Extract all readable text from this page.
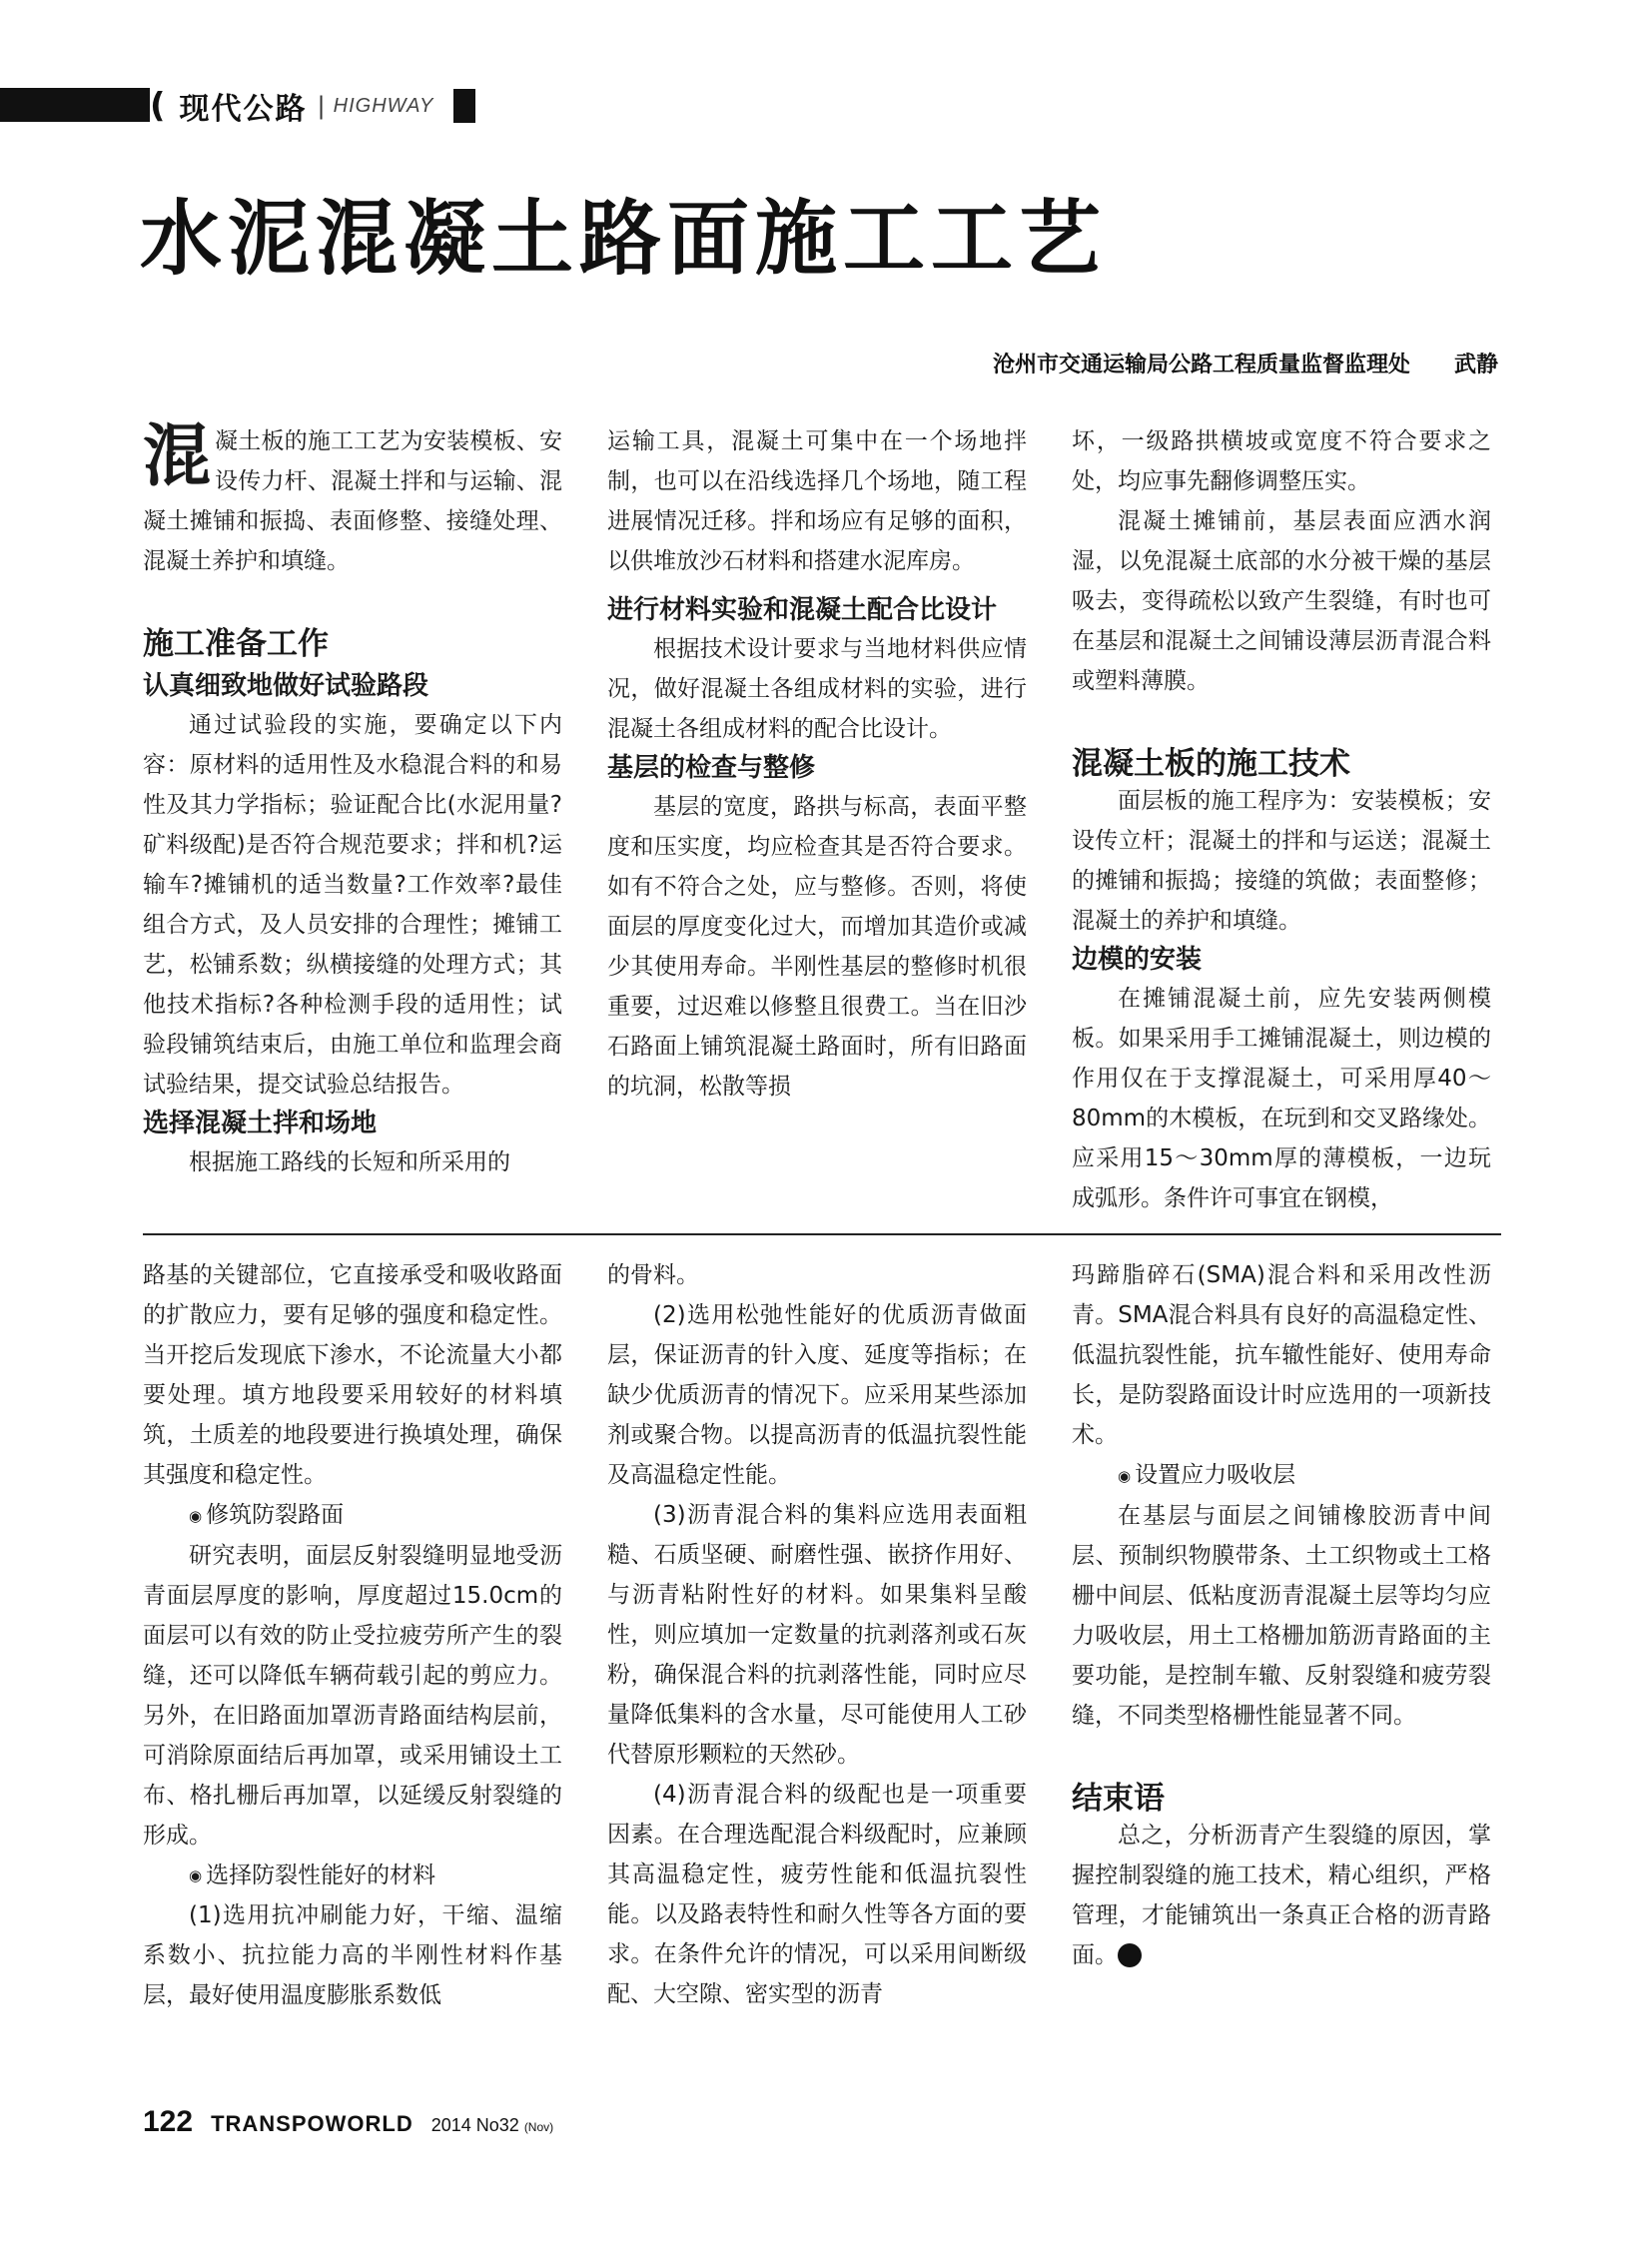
( 现代公路 | HIGHWAY
水泥混凝土路面施工工艺
沧州市交通运输局公路工程质量监督监理处 武静

混凝土板的施工工艺为安装模板、安设传力杆、混凝土拌和与运输、混凝土摊铺和振捣、表面修整、接缝处理、混凝土养护和填缝。

施工准备工作
认真细致地做好试验路段

通过试验段的实施，要确定以下内容：原材料的适用性及水稳混合料的和易性及其力学指标；验证配合比(水泥用量?矿料级配)是否符合规范要求；拌和机?运输车?摊铺机的适当数量?工作效率?最佳组合方式，及人员安排的合理性；摊铺工艺，松铺系数；纵横接缝的处理方式；其他技术指标?各种检测手段的适用性；试验段铺筑结束后，由施工单位和监理会商试验结果，提交试验总结报告。

选择混凝土拌和场地

根据施工路线的长短和所采用的

运输工具，混凝土可集中在一个场地拌制，也可以在沿线选择几个场地，随工程进展情况迁移。拌和场应有足够的面积，以供堆放沙石材料和搭建水泥库房。

进行材料实验和混凝土配合比设计

根据技术设计要求与当地材料供应情况，做好混凝土各组成材料的实验，进行混凝土各组成材料的配合比设计。

基层的检查与整修

基层的宽度，路拱与标高，表面平整度和压实度，均应检查其是否符合要求。如有不符合之处，应与整修。否则，将使面层的厚度变化过大，而增加其造价或减少其使用寿命。半刚性基层的整修时机很重要，过迟难以修整且很费工。当在旧沙石路面上铺筑混凝土路面时，所有旧路面的坑洞，松散等损

坏，一级路拱横坡或宽度不符合要求之处，均应事先翻修调整压实。

混凝土摊铺前，基层表面应洒水润湿，以免混凝土底部的水分被干燥的基层吸去，变得疏松以致产生裂缝，有时也可在基层和混凝土之间铺设薄层沥青混合料或塑料薄膜。

混凝土板的施工技术

面层板的施工程序为：安装模板；安设传立杆；混凝土的拌和与运送；混凝土的摊铺和振捣；接缝的筑做；表面整修；混凝土的养护和填缝。

边模的安装

在摊铺混凝土前，应先安装两侧模板。如果采用手工摊铺混凝土，则边模的作用仅在于支撑混凝土，可采用厚40～80mm的木模板，在玩到和交叉路缘处。应采用15～30mm厚的薄模板，一边玩成弧形。条件许可事宜在钢模，

路基的关键部位，它直接承受和吸收路面的扩散应力，要有足够的强度和稳定性。当开挖后发现底下渗水，不论流量大小都要处理。填方地段要采用较好的材料填筑，土质差的地段要进行换填处理，确保其强度和稳定性。

◉ 修筑防裂路面

研究表明，面层反射裂缝明显地受沥青面层厚度的影响，厚度超过15.0cm的面层可以有效的防止受拉疲劳所产生的裂缝，还可以降低车辆荷载引起的剪应力。另外，在旧路面加罩沥青路面结构层前，可消除原面结后再加罩，或采用铺设土工布、格扎栅后再加罩，以延缓反射裂缝的形成。

◉ 选择防裂性能好的材料

(1)选用抗冲刷能力好，干缩、温缩系数小、抗拉能力高的半刚性材料作基层，最好使用温度膨胀系数低

的骨料。

(2)选用松弛性能好的优质沥青做面层，保证沥青的针入度、延度等指标；在缺少优质沥青的情况下。应采用某些添加剂或聚合物。以提高沥青的低温抗裂性能及高温稳定性能。

(3)沥青混合料的集料应选用表面粗糙、石质坚硬、耐磨性强、嵌挤作用好、与沥青粘附性好的材料。如果集料呈酸性，则应填加一定数量的抗剥落剂或石灰粉，确保混合料的抗剥落性能，同时应尽量降低集料的含水量，尽可能使用人工砂代替原形颗粒的天然砂。

(4)沥青混合料的级配也是一项重要因素。在合理选配混合料级配时，应兼顾其高温稳定性，疲劳性能和低温抗裂性能。以及路表特性和耐久性等各方面的要求。在条件允许的情况，可以采用间断级配、大空隙、密实型的沥青

玛蹄脂碎石(SMA)混合料和采用改性沥青。SMA混合料具有良好的高温稳定性、低温抗裂性能，抗车辙性能好、使用寿命长，是防裂路面设计时应选用的一项新技术。

◉ 设置应力吸收层

在基层与面层之间铺橡胶沥青中间层、预制织物膜带条、土工织物或土工格栅中间层、低粘度沥青混凝土层等均匀应力吸收层，用土工格栅加筋沥青路面的主要功能，是控制车辙、反射裂缝和疲劳裂缝，不同类型格栅性能显著不同。

结束语

总之，分析沥青产生裂缝的原因，掌握控制裂缝的施工技术，精心组织，严格管理，才能铺筑出一条真正合格的沥青路面。	T

122 TRANSPOWORLD 2014 No32 (Nov)
